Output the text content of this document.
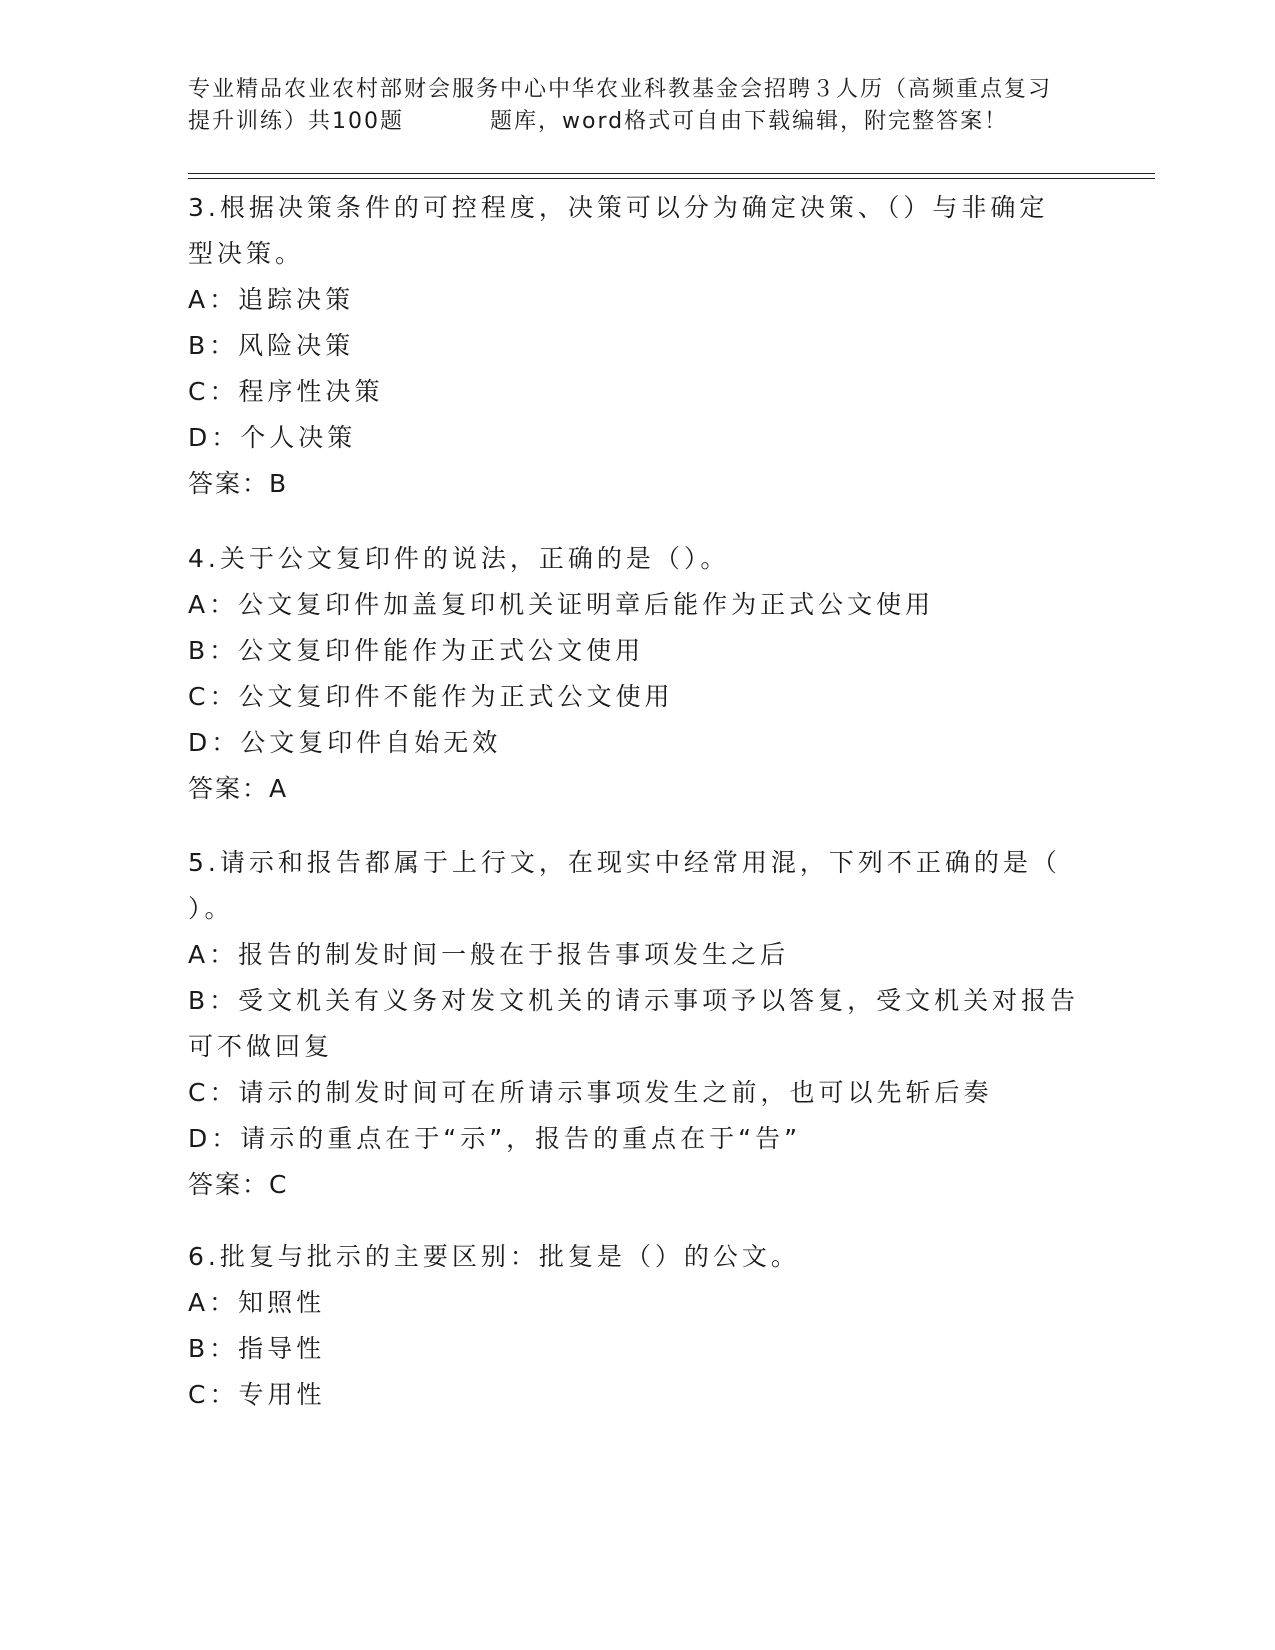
专业精品农业农村部财会服务中心中华农业科教基金会招聘３人历（高频重点复习

提升训练）共100题	题库，word格式可自由下载编辑，附完整答案！
3.根据决策条件的可控程度，决策可以分为确定决策、（）与非确定
型决策。
A：追踪决策
B：风险决策
C：程序性决策
D：个人决策
答案：B
4.关于公文复印件的说法，正确的是（）。
A：公文复印件加盖复印机关证明章后能作为正式公文使用
B：公文复印件能作为正式公文使用
C：公文复印件不能作为正式公文使用
D：公文复印件自始无效
答案：A
5.请示和报告都属于上行文，在现实中经常用混，下列不正确的是（
）。
A：报告的制发时间一般在于报告事项发生之后
B：受文机关有义务对发文机关的请示事项予以答复，受文机关对报告
可不做回复
C：请示的制发时间可在所请示事项发生之前，也可以先斩后奏
D：请示的重点在于“示”，报告的重点在于“告”
答案：C
6.批复与批示的主要区别：批复是（）的公文。
A：知照性
B：指导性
C：专用性
